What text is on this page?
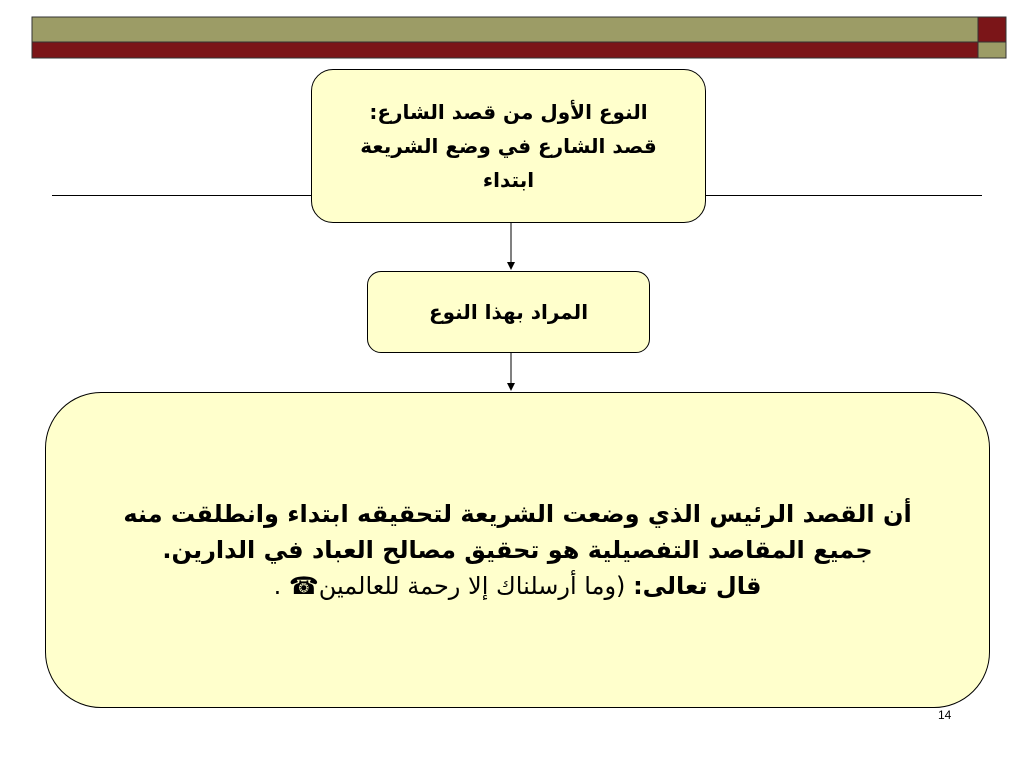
النوع الأول من قصد الشارع:
قصد الشارع في وضع الشريعة
ابتداء
المراد بهذا النوع
أن القصد الرئيس الذي وضعت الشريعة لتحقيقه ابتداء وانطلقت منه
جميع المقاصد التفصيلية هو تحقيق مصالح العباد في الدارين.
قال تعالى: (وما أرسلناك إلا رحمة للعالمين☎ .
14
